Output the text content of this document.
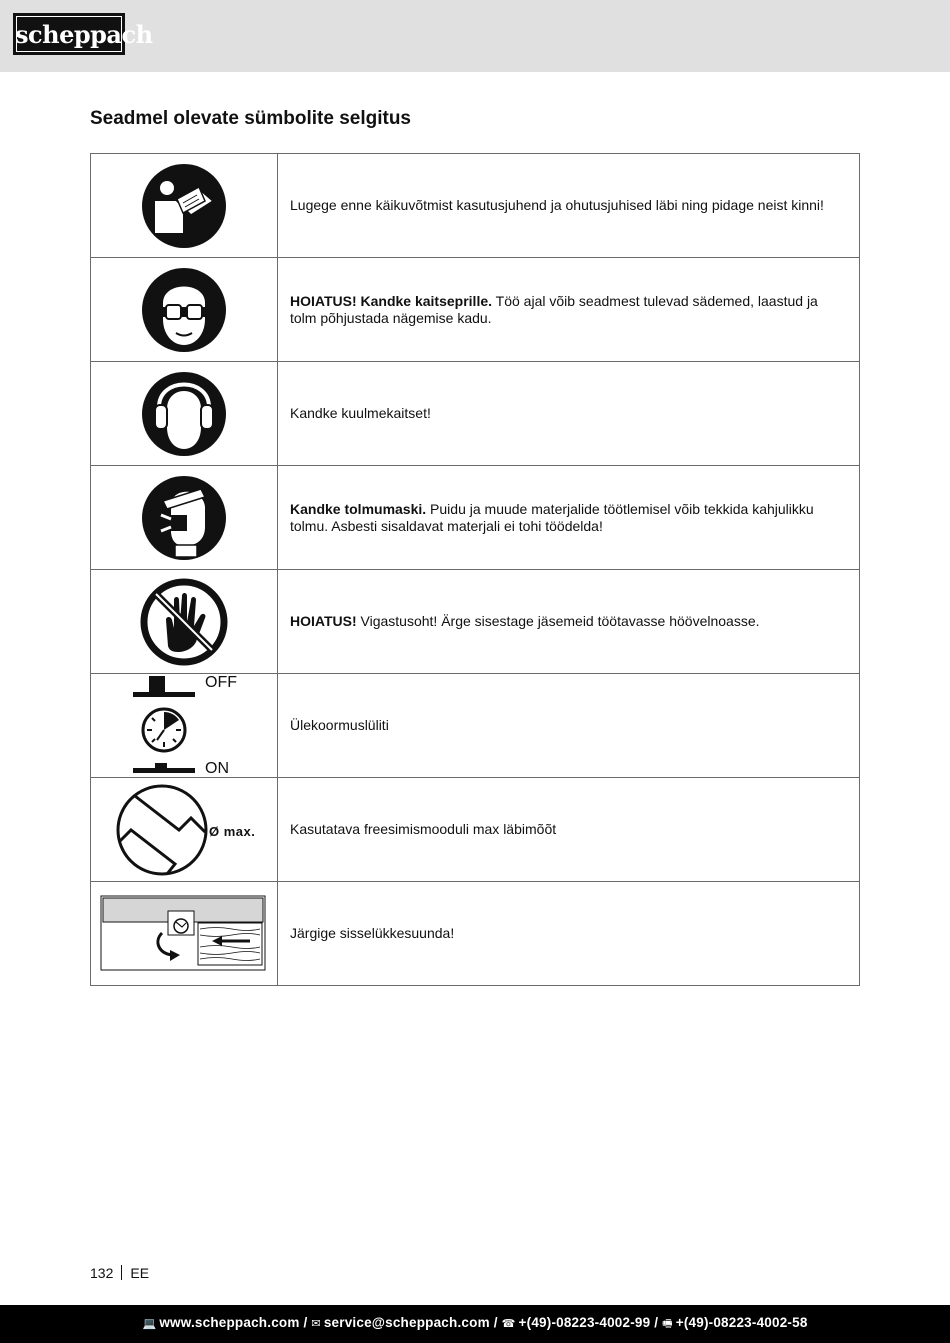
scheppach
Seadmel olevate sümbolite selgitus
	Lugege enne käikuvõtmist kasutusjuhend ja ohutusjuhised läbi ning pidage neist kinni!

	HOIATUS! Kandke kaitseprille. Töö ajal võib seadmest tulevad sädemed, laastud ja tolm põhjustada nägemise kadu.

	Kandke kuulmekaitset!

	Kandke tolmumaski. Puidu ja muude materjalide töötlemisel võib tekkida kahjulikku tolmu. Asbesti sisaldavat materjali ei tohi töödelda!

	HOIATUS! Vigastusoht! Ärge sisestage jäsemeid töötavasse höövelnoasse.

OFF
ON	Ülekoormuslüliti

Ø max.	Kasutatava freesimismooduli max läbimõõt

	Järgige sisselükkesuunda!
132 EE
💻 www.scheppach.com / ✉ service@scheppach.com / ☎ +(49)-08223-4002-99 / 🖷 +(49)-08223-4002-58
